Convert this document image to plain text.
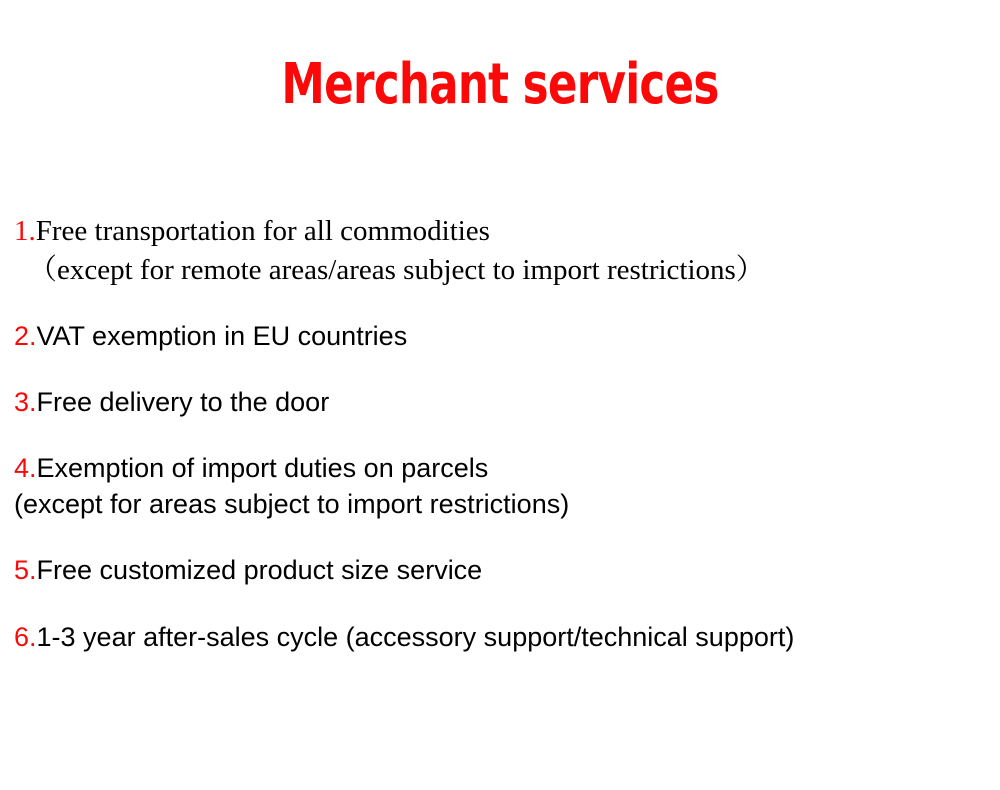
Merchant services
1.Free transportation for all commodities
（except for remote areas/areas subject to import restrictions）
2.VAT exemption in EU countries
3.Free delivery to the door
4.Exemption of import duties on parcels
(except for areas subject to import restrictions)
5.Free customized product size service
6.1-3 year after-sales cycle (accessory support/technical support)
